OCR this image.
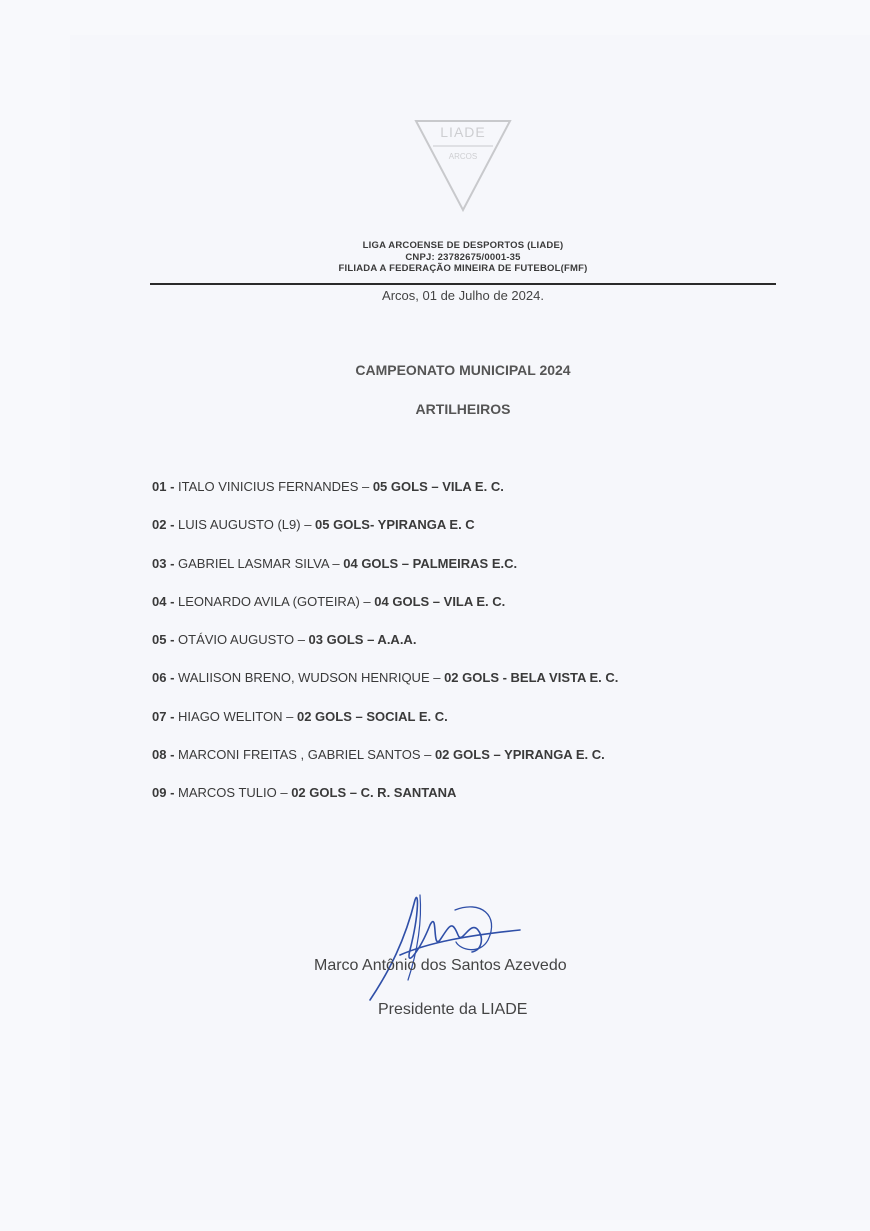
LIADE
ARCOS
LIGA ARCOENSE DE DESPORTOS (LIADE)
CNPJ: 23782675/0001-35
FILIADA A FEDERAÇÃO MINEIRA DE FUTEBOL(FMF)
Arcos, 01 de Julho de 2024.
CAMPEONATO MUNICIPAL 2024
ARTILHEIROS
01 - ITALO VINICIUS FERNANDES – 05 GOLS – VILA E. C.
02 - LUIS AUGUSTO (L9) – 05 GOLS- YPIRANGA E. C
03 - GABRIEL LASMAR SILVA – 04 GOLS – PALMEIRAS E.C.
04 - LEONARDO AVILA (GOTEIRA) – 04 GOLS – VILA E. C.
05 - OTÁVIO AUGUSTO – 03 GOLS – A.A.A.
06 - WALIISON BRENO, WUDSON HENRIQUE – 02 GOLS - BELA VISTA E. C.
07 - HIAGO WELITON – 02 GOLS – SOCIAL E. C.
08 - MARCONI FREITAS , GABRIEL SANTOS – 02 GOLS – YPIRANGA E. C.
09 - MARCOS TULIO – 02 GOLS – C. R. SANTANA
Marco Antônio dos Santos Azevedo
Presidente da LIADE
